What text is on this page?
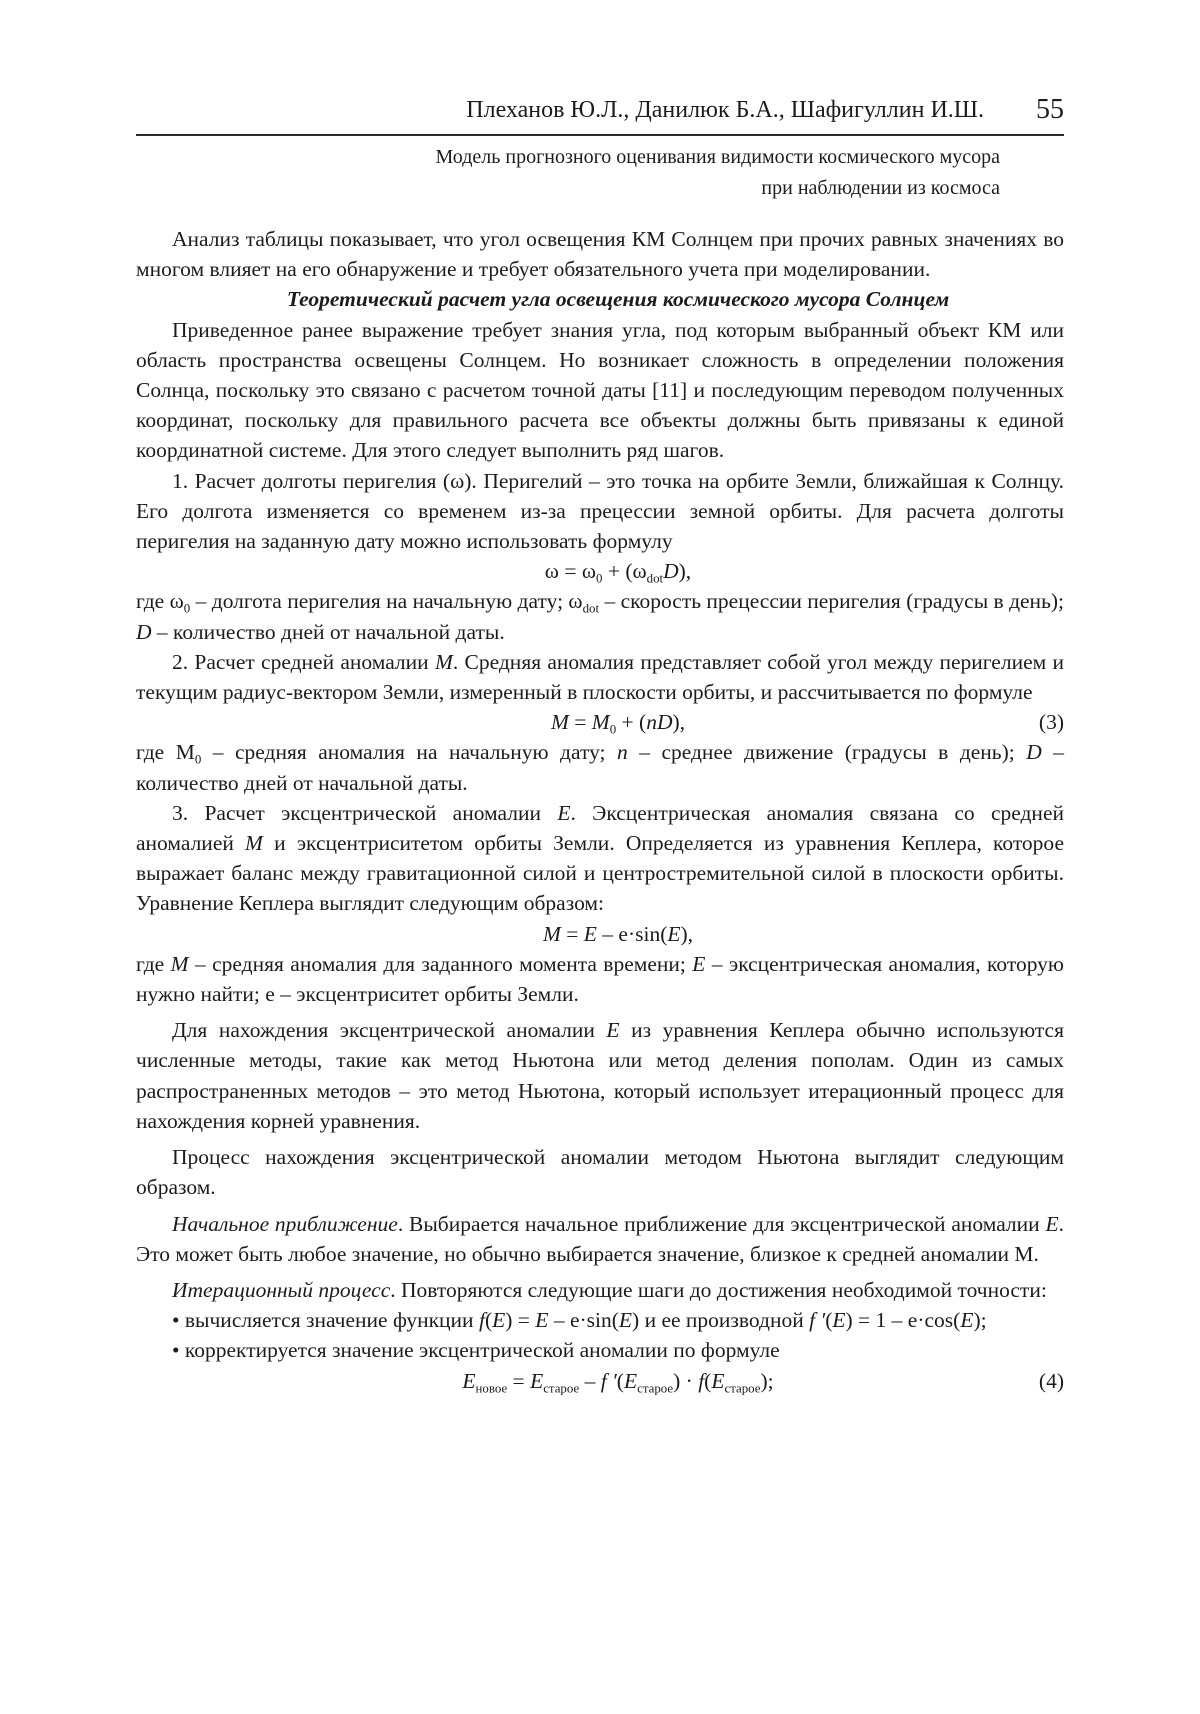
Плеханов Ю.Л., Данилюк Б.А., Шафигуллин И.Ш. 55
Модель прогнозного оценивания видимости космического мусора
при наблюдении из космоса

Анализ таблицы показывает, что угол освещения КМ Солнцем при прочих равных значениях во многом влияет на его обнаружение и требует обязательного учета при моделировании.

Теоретический расчет угла освещения космического мусора Солнцем

Приведенное ранее выражение требует знания угла, под которым выбранный объект КМ или область пространства освещены Солнцем. Но возникает сложность в определении положения Солнца, поскольку это связано с расчетом точной даты [11] и последующим переводом полученных координат, поскольку для правильного расчета все объекты должны быть привязаны к единой координатной системе. Для этого следует выполнить ряд шагов.

1. Расчет долготы перигелия (ω). Перигелий – это точка на орбите Земли, ближайшая к Солнцу. Его долгота изменяется со временем из-за прецессии земной орбиты. Для расчета долготы перигелия на заданную дату можно использовать формулу

$\omega = \omega_0 + (\omega_{dot}D)$,

где $\omega_0$ – долгота перигелия на начальную дату; $\omega_{dot}$ – скорость прецессии перигелия (градусы в день); D – количество дней от начальной даты.

2. Расчет средней аномалии M. Средняя аномалия представляет собой угол между перигелием и текущим радиус-вектором Земли, измеренный в плоскости орбиты, и рассчитывается по формуле

$M = M_0 + (nD)$,	(3)

где $M_0$ – средняя аномалия на начальную дату; n – среднее движение (градусы в день); D – количество дней от начальной даты.

3. Расчет эксцентрической аномалии E. Эксцентрическая аномалия связана со средней аномалией M и эксцентриситетом орбиты Земли. Определяется из уравнения Кеплера, которое выражает баланс между гравитационной силой и центростремительной силой в плоскости орбиты. Уравнение Кеплера выглядит следующим образом:

M = E – e·sin(E),

где M – средняя аномалия для заданного момента времени; E – эксцентрическая аномалия, которую нужно найти; e – эксцентриситет орбиты Земли.

Для нахождения эксцентрической аномалии E из уравнения Кеплера обычно используются численные методы, такие как метод Ньютона или метод деления пополам. Один из самых распространенных методов – это метод Ньютона, который использует итерационный процесс для нахождения корней уравнения.

Процесс нахождения эксцентрической аномалии методом Ньютона выглядит следующим образом.

Начальное приближение. Выбирается начальное приближение для эксцентрической аномалии E. Это может быть любое значение, но обычно выбирается значение, близкое к средней аномалии M.

Итерационный процесс. Повторяются следующие шаги до достижения необходимой точности:

• вычисляется значение функции f(E) = E – e·sin(E) и ее производной f ′(E) = 1 – e·cos(E);

• корректируется значение эксцентрической аномалии по формуле

$E_{новое} = E_{старое} - f$ $'(E_{старое}) \cdot f(E_{старое})$;	(4)
